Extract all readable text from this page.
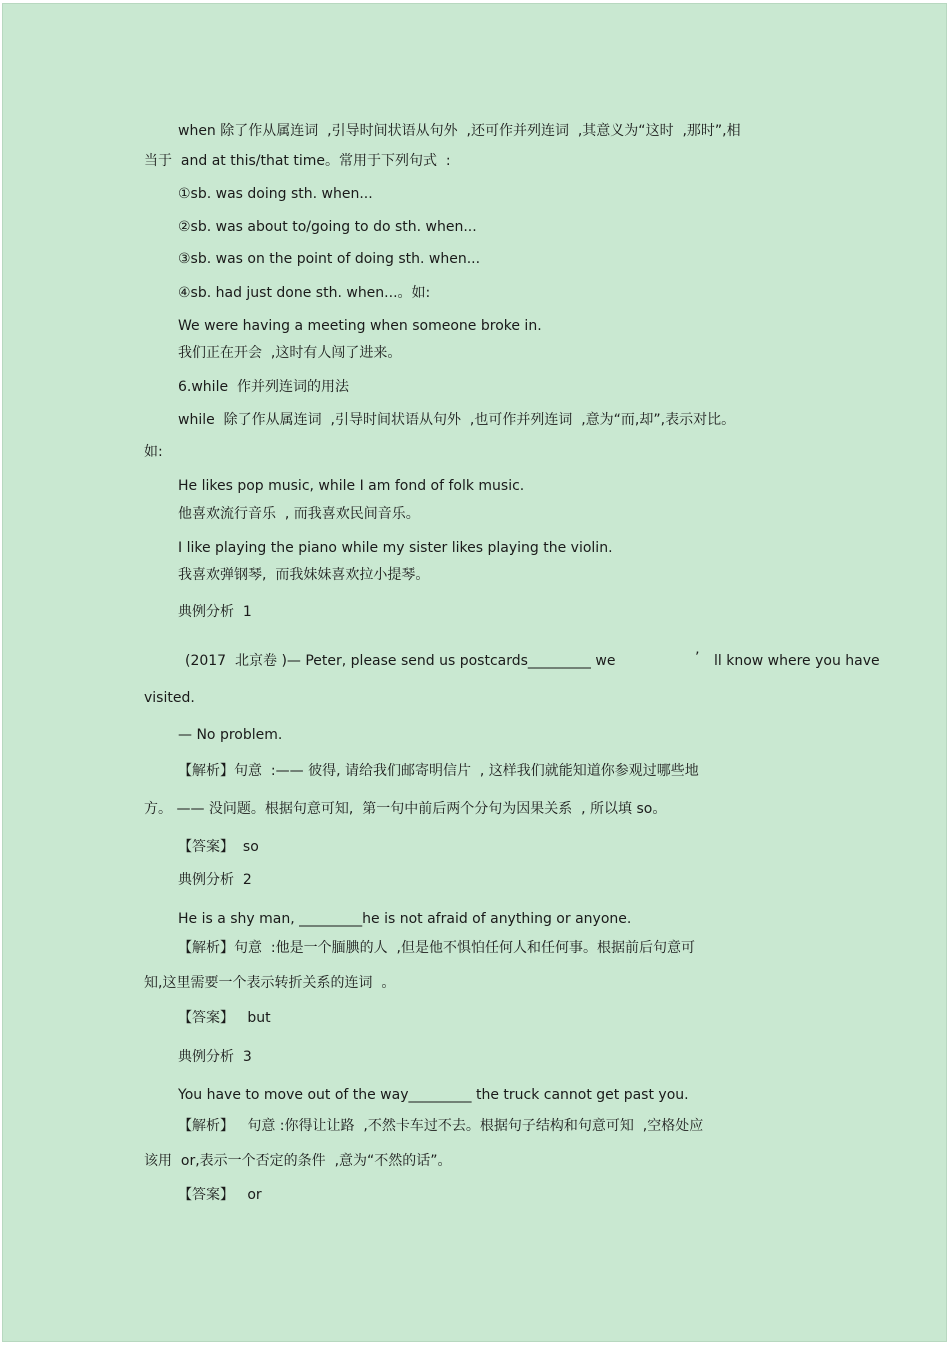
when 除了作从属连词  ,引导时间状语从句外  ,还可作并列连词  ,其意义为“这时  ,那时”,相
当于  and at this/that time。常用于下列句式  :
①sb. was doing sth. when...
②sb. was about to/going to do sth. when...
③sb. was on the point of doing sth. when...
④sb. had just done sth. when...。如:
We were having a meeting when someone broke in.
我们正在开会  ,这时有人闯了进来。
6.while  作并列连词的用法
while  除了作从属连词  ,引导时间状语从句外  ,也可作并列连词  ,意为“而,却”,表示对比。
如:
He likes pop music, while I am fond of folk music.
他喜欢流行音乐  , 而我喜欢民间音乐。
I like playing the piano while my sister likes playing the violin.
我喜欢弹钢琴,  而我妹妹喜欢拉小提琴。
典例分析  1
(2017  北京卷 )— Peter, please send us postcards_________ we	’ ll know where you have
visited.
— No problem.
【解析】句意  :—— 彼得, 请给我们邮寄明信片  , 这样我们就能知道你参观过哪些地
方。 —— 没问题。根据句意可知,  第一句中前后两个分句为因果关系  , 所以填 so。
【答案】  so
典例分析  2
He is a shy man, _________he is not afraid of anything or anyone.
【解析】句意  :他是一个腼腆的人  ,但是他不惧怕任何人和任何事。根据前后句意可
知,这里需要一个表示转折关系的连词  。
【答案】   but
典例分析  3
You have to move out of the way_________ the truck cannot get past you.
【解析】   句意 :你得让让路  ,不然卡车过不去。根据句子结构和句意可知  ,空格处应
该用  or,表示一个否定的条件  ,意为“不然的话”。
【答案】   or
